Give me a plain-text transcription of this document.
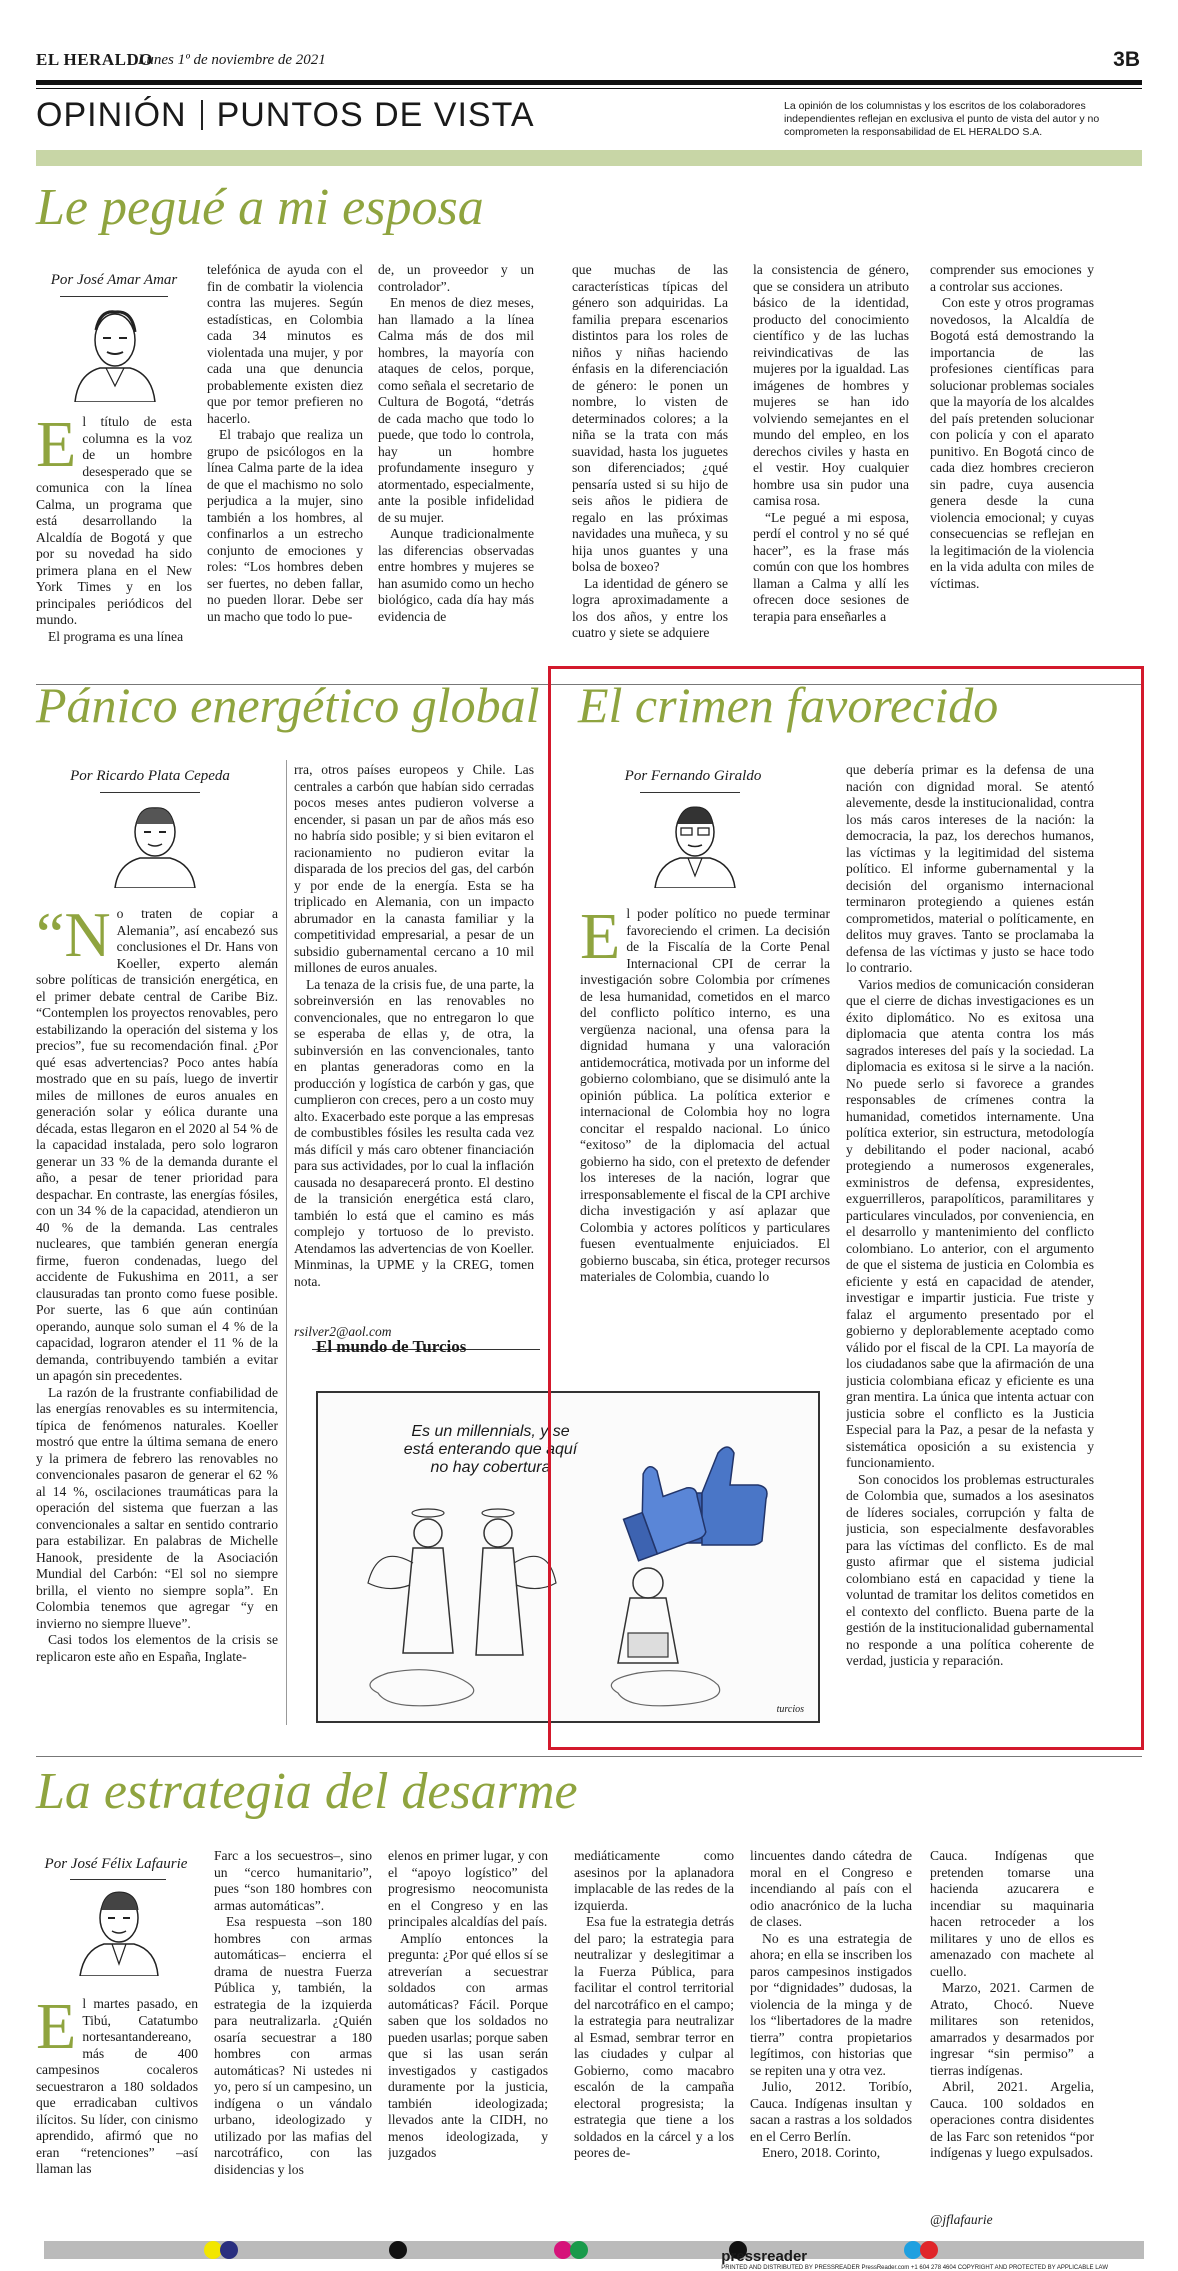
EL HERALDO
Lunes 1º de noviembre de 2021	3B
OPINIÓN PUNTOS DE VISTA	La opinión de los columnistas y los escritos de los colaboradores independientes reflejan en exclusiva el punto de vista del autor y no comprometen la responsabilidad de EL HERALDO S.A.
Le pegué a mi esposa
Por José Amar Amar
E l título de esta columna es la voz de un hombre desesperado que se comunica con la línea Calma, un programa que está desarrollando la Alcaldía de Bogotá y que por su novedad ha sido primera plana en el New York Times y en los principales periódicos del mundo.

El programa es una línea

telefónica de ayuda con el fin de combatir la violencia contra las mujeres. Según estadísticas, en Colombia cada 34 minutos es violentada una mujer, y por cada una que denuncia probablemente existen diez que por temor prefieren no hacerlo.

El trabajo que realiza un grupo de psicólogos en la línea Calma parte de la idea de que el machismo no solo perjudica a la mujer, sino también a los hombres, al confinarlos a un estrecho conjunto de emociones y roles: “Los hombres deben ser fuertes, no deben fallar, no pueden llorar. Debe ser un macho que todo lo pue-

de, un proveedor y un controlador”.

En menos de diez meses, han llamado a la línea Calma más de dos mil hombres, la mayoría con ataques de celos, porque, como señala el secretario de Cultura de Bogotá, “detrás de cada macho que todo lo puede, que todo lo controla, hay un hombre profundamente inseguro y atormentado, especialmente, ante la posible infidelidad de su mujer.

Aunque tradicionalmente las diferencias observadas entre hombres y mujeres se han asumido como un hecho biológico, cada día hay más evidencia de

que muchas de las características típicas del género son adquiridas. La familia prepara escenarios distintos para los roles de niños y niñas haciendo énfasis en la diferenciación de género: le ponen un nombre, lo visten de determinados colores; a la niña se la trata con más suavidad, hasta los juguetes son diferenciados; ¿qué pensaría usted si su hijo de seis años le pidiera de regalo en las próximas navidades una muñeca, y su hija unos guantes y una bolsa de boxeo?

La identidad de género se logra aproximadamente a los dos años, y entre los cuatro y siete se adquiere

la consistencia de género, que se considera un atributo básico de la identidad, producto del conocimiento científico y de las luchas reivindicativas de las mujeres por la igualdad. Las imágenes de hombres y mujeres se han ido volviendo semejantes en el mundo del empleo, en los derechos civiles y hasta en el vestir. Hoy cualquier hombre usa sin pudor una camisa rosa.

“Le pegué a mi esposa, perdí el control y no sé qué hacer”, es la frase más común con que los hombres llaman a Calma y allí les ofrecen doce sesiones de terapia para enseñarles a

comprender sus emociones y a controlar sus acciones.

Con este y otros programas novedosos, la Alcaldía de Bogotá está demostrando la importancia de las profesiones científicas para solucionar problemas sociales que la mayoría de los alcaldes del país pretenden solucionar con policía y con el aparato punitivo. En Bogotá cinco de cada diez hombres crecieron sin padre, cuya ausencia genera desde la cuna violencia emocional; y cuyas consecuencias se reflejan en la legitimación de la violencia en la vida adulta con miles de víctimas.

Pánico energético global
Por Ricardo Plata Cepeda
“N o traten de copiar a Alemania”, así encabezó sus conclusiones el Dr. Hans von Koeller, experto alemán sobre políticas de transición energética, en el primer debate central de Caribe Biz. “Contemplen los proyectos renovables, pero estabilizando la operación del sistema y los precios”, fue su recomendación final. ¿Por qué esas advertencias? Poco antes había mostrado que en su país, luego de invertir miles de millones de euros anuales en generación solar y eólica durante una década, estas llegaron en el 2020 al 54 % de la capacidad instalada, pero solo lograron generar un 33 % de la demanda durante el año, a pesar de tener prioridad para despachar. En contraste, las energías fósiles, con un 34 % de la capacidad, atendieron un 40 % de la demanda. Las centrales nucleares, que también generan energía firme, fueron condenadas, luego del accidente de Fukushima en 2011, a ser clausuradas tan pronto como fuese posible. Por suerte, las 6 que aún continúan operando, aunque solo suman el 4 % de la capacidad, lograron atender el 11 % de la demanda, contribuyendo también a evitar un apagón sin precedentes.

La razón de la frustrante confiabilidad de las energías renovables es su intermitencia, típica de fenómenos naturales. Koeller mostró que entre la última semana de enero y la primera de febrero las renovables no convencionales pasaron de generar el 62 % al 14 %, oscilaciones traumáticas para la operación del sistema que fuerzan a las convencionales a saltar en sentido contrario para estabilizar. En palabras de Michelle Hanook, presidente de la Asociación Mundial del Carbón: “El sol no siempre brilla, el viento no siempre sopla”. En Colombia tenemos que agregar “y en invierno no siempre llueve”.

Casi todos los elementos de la crisis se replicaron este año en España, Inglate-

rra, otros países europeos y Chile. Las centrales a carbón que habían sido cerradas pocos meses antes pudieron volverse a encender, si pasan un par de años más eso no habría sido posible; y si bien evitaron el racionamiento no pudieron evitar la disparada de los precios del gas, del carbón y por ende de la energía. Esta se ha triplicado en Alemania, con un impacto abrumador en la canasta familiar y la competitividad empresarial, a pesar de un subsidio gubernamental cercano a 10 mil millones de euros anuales.

La tenaza de la crisis fue, de una parte, la sobreinversión en las renovables no convencionales, que no entregaron lo que se esperaba de ellas y, de otra, la subinversión en las convencionales, tanto en plantas generadoras como en la producción y logística de carbón y gas, que cumplieron con creces, pero a un costo muy alto. Exacerbado este porque a las empresas de combustibles fósiles les resulta cada vez más difícil y más caro obtener financiación para sus actividades, por lo cual la inflación causada no desaparecerá pronto. El destino de la transición energética está claro, también lo está que el camino es más complejo y tortuoso de lo previsto. Atendamos las advertencias de von Koeller. Minminas, la UPME y la CREG, tomen nota.

rsilver2@aol.com
El mundo de Turcios
Es un millennials, y se está enterando que aquí no hay cobertura
turcios
El crimen favorecido
Por Fernando Giraldo
E l poder político no puede terminar favoreciendo el crimen. La decisión de la Fiscalía de la Corte Penal Internacional CPI de cerrar la investigación sobre Colombia por crímenes de lesa humanidad, cometidos en el marco del conflicto político interno, es una vergüenza nacional, una ofensa para la dignidad humana y una valoración antidemocrática, motivada por un informe del gobierno colombiano, que se disimuló ante la opinión pública. La política exterior e internacional de Colombia hoy no logra concitar el respaldo nacional. Lo único “exitoso” de la diplomacia del actual gobierno ha sido, con el pretexto de defender los intereses de la nación, lograr que irresponsablemente el fiscal de la CPI archive dicha investigación y así aplazar que Colombia y actores políticos y particulares fuesen eventualmente enjuiciados. El gobierno buscaba, sin ética, proteger recursos materiales de Colombia, cuando lo

que debería primar es la defensa de una nación con dignidad moral. Se atentó alevemente, desde la institucionalidad, contra los más caros intereses de la nación: la democracia, la paz, los derechos humanos, las víctimas y la legitimidad del sistema político. El informe gubernamental y la decisión del organismo internacional terminaron protegiendo a quienes están comprometidos, material o políticamente, en delitos muy graves. Tanto se proclamaba la defensa de las víctimas y justo se hace todo lo contrario.

Varios medios de comunicación consideran que el cierre de dichas investigaciones es un éxito diplomático. No es exitosa una diplomacia que atenta contra los más sagrados intereses del país y la sociedad. La diplomacia es exitosa si le sirve a la nación. No puede serlo si favorece a grandes responsables de crímenes contra la humanidad, cometidos internamente. Una política exterior, sin estructura, metodología y debilitando el poder nacional, acabó protegiendo a numerosos exgenerales, exministros de defensa, expresidentes, exguerrilleros, parapolíticos, paramilitares y particulares vinculados, por conveniencia, en el desarrollo y mantenimiento del conflicto colombiano. Lo anterior, con el argumento de que el sistema de justicia en Colombia es eficiente y está en capacidad de atender, investigar e impartir justicia. Fue triste y falaz el argumento presentado por el gobierno y deplorablemente aceptado como válido por el fiscal de la CPI. La mayoría de los ciudadanos sabe que la afirmación de una justicia colombiana eficaz y eficiente es una gran mentira. La única que intenta actuar con justicia sobre el conflicto es la Justicia Especial para la Paz, a pesar de la nefasta y sistemática oposición a su existencia y funcionamiento.

Son conocidos los problemas estructurales de Colombia que, sumados a los asesinatos de líderes sociales, corrupción y falta de justicia, son especialmente desfavorables para las víctimas del conflicto. Es de mal gusto afirmar que el sistema judicial colombiano está en capacidad y tiene la voluntad de tramitar los delitos cometidos en el contexto del conflicto. Buena parte de la gestión de la institucionalidad gubernamental no responde a una política coherente de verdad, justicia y reparación.

La estrategia del desarme
Por José Félix Lafaurie
E l martes pasado, en Tibú, Catatumbo nortesantandereano, más de 400 campesinos cocaleros secuestraron a 180 soldados que erradicaban cultivos ilícitos. Su líder, con cinismo aprendido, afirmó que no eran “retenciones” –así llaman las

Farc a los secuestros–, sino un “cerco humanitario”, pues “son 180 hombres con armas automáticas”.

Esa respuesta –son 180 hombres con armas automáticas– encierra el drama de nuestra Fuerza Pública y, también, la estrategia de la izquierda para neutralizarla. ¿Quién osaría secuestrar a 180 hombres con armas automáticas? Ni ustedes ni yo, pero sí un campesino, un indígena o un vándalo urbano, ideologizado y utilizado por las mafias del narcotráfico, con las disidencias y los

elenos en primer lugar, y con el “apoyo logístico” del progresismo neocomunista en el Congreso y en las principales alcaldías del país.

Amplío entonces la pregunta: ¿Por qué ellos sí se atreverían a secuestrar soldados con armas automáticas? Fácil. Porque saben que los soldados no pueden usarlas; porque saben que si las usan serán investigados y castigados duramente por la justicia, también ideologizada; llevados ante la CIDH, no menos ideologizada, y juzgados

mediáticamente como asesinos por la aplanadora implacable de las redes de la izquierda.

Esa fue la estrategia detrás del paro; la estrategia para neutralizar y deslegitimar a la Fuerza Pública, para facilitar el control territorial del narcotráfico en el campo; la estrategia para neutralizar al Esmad, sembrar terror en las ciudades y culpar al Gobierno, como macabro escalón de la campaña electoral progresista; la estrategia que tiene a los soldados en la cárcel y a los peores de-

lincuentes dando cátedra de moral en el Congreso e incendiando al país con el odio anacrónico de la lucha de clases.

No es una estrategia de ahora; en ella se inscriben los paros campesinos instigados por “dignidades” dudosas, la violencia de la minga y de los “libertadores de la madre tierra” contra propietarios legítimos, con historias que se repiten una y otra vez.

Julio, 2012. Toribío, Cauca. Indígenas insultan y sacan a rastras a los soldados en el Cerro Berlín.

Enero, 2018. Corinto,

Cauca. Indígenas que pretenden tomarse una hacienda azucarera e incendiar su maquinaria hacen retroceder a los militares y uno de ellos es amenazado con machete al cuello.

Marzo, 2021. Carmen de Atrato, Chocó. Nueve militares son retenidos, amarrados y desarmados por ingresar “sin permiso” a tierras indígenas.

Abril, 2021. Argelia, Cauca. 100 soldados en operaciones contra disidentes de las Farc son retenidos “por indígenas y luego expulsados.

@jflafaurie
pressreader
PRINTED AND DISTRIBUTED BY PRESSREADER PressReader.com +1 604 278 4604 COPYRIGHT AND PROTECTED BY APPLICABLE LAW
